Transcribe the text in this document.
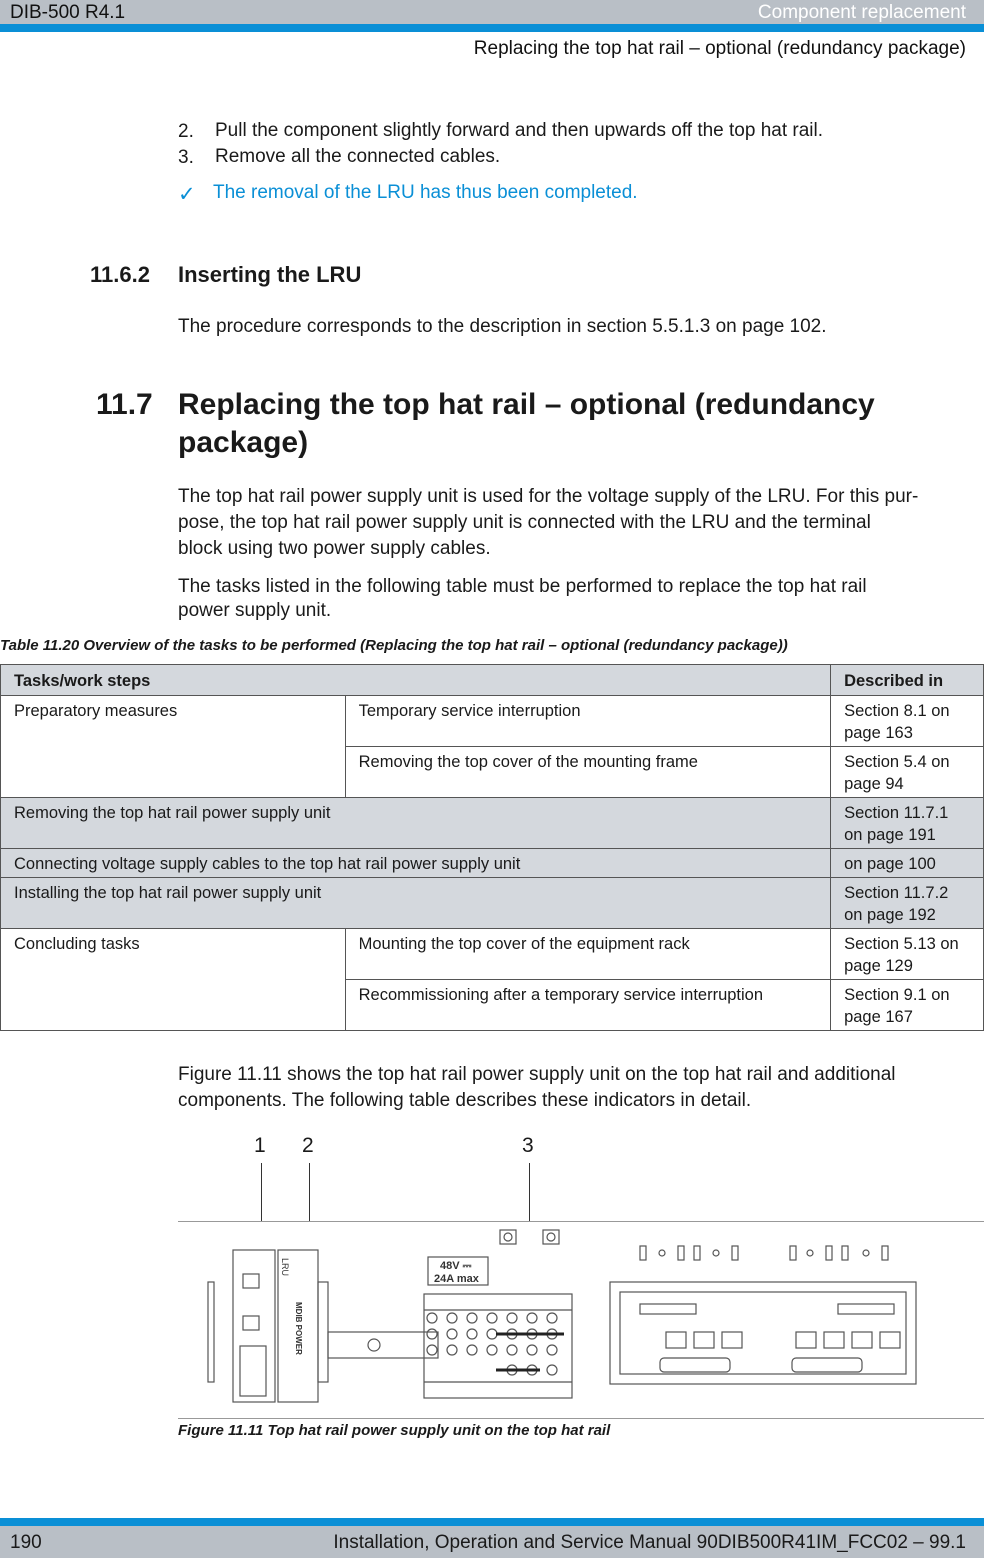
DIB-500 R4.1	Component replacement
Replacing the top hat rail – optional (redundancy package)
2. Pull the component slightly forward and then upwards off the top hat rail.
3. Remove all the connected cables.
✓ The removal of the LRU has thus been completed.
11.6.2 Inserting the LRU
The procedure corresponds to the description in section 5.5.1.3 on page 102.
11.7 Replacing the top hat rail – optional (redundancy
package)
The top hat rail power supply unit is used for the voltage supply of the LRU. For this pur-
pose, the top hat rail power supply unit is connected with the LRU and the terminal
block using two power supply cables.
The tasks listed in the following table must be performed to replace the top hat rail
power supply unit.
Table 11.20 Overview of the tasks to be performed (Replacing the top hat rail – optional (redundancy package))
Tasks/work steps		Described in
Preparatory measures	Temporary service interruption	Section 8.1 on page 163
	Removing the top cover of the mounting frame	Section 5.4 on page 94
Removing the top hat rail power supply unit		Section 11.7.1 on page 191
Connecting voltage supply cables to the top hat rail power supply unit		on page 100
Installing the top hat rail power supply unit		Section 11.7.2 on page 192
Concluding tasks	Mounting the top cover of the equipment rack	Section 5.13 on page 129
	Recommissioning after a temporary service interruption	Section 9.1 on page 167
Figure 11.11 shows the top hat rail power supply unit on the top hat rail and additional
components. The following table describes these indicators in detail.
1 2	3
LRU
MDIB POWER
48V ⎓
24A max
Figure 11.11 Top hat rail power supply unit on the top hat rail
190	Installation, Operation and Service Manual 90DIB500R41IM_FCC02 – 99.1
